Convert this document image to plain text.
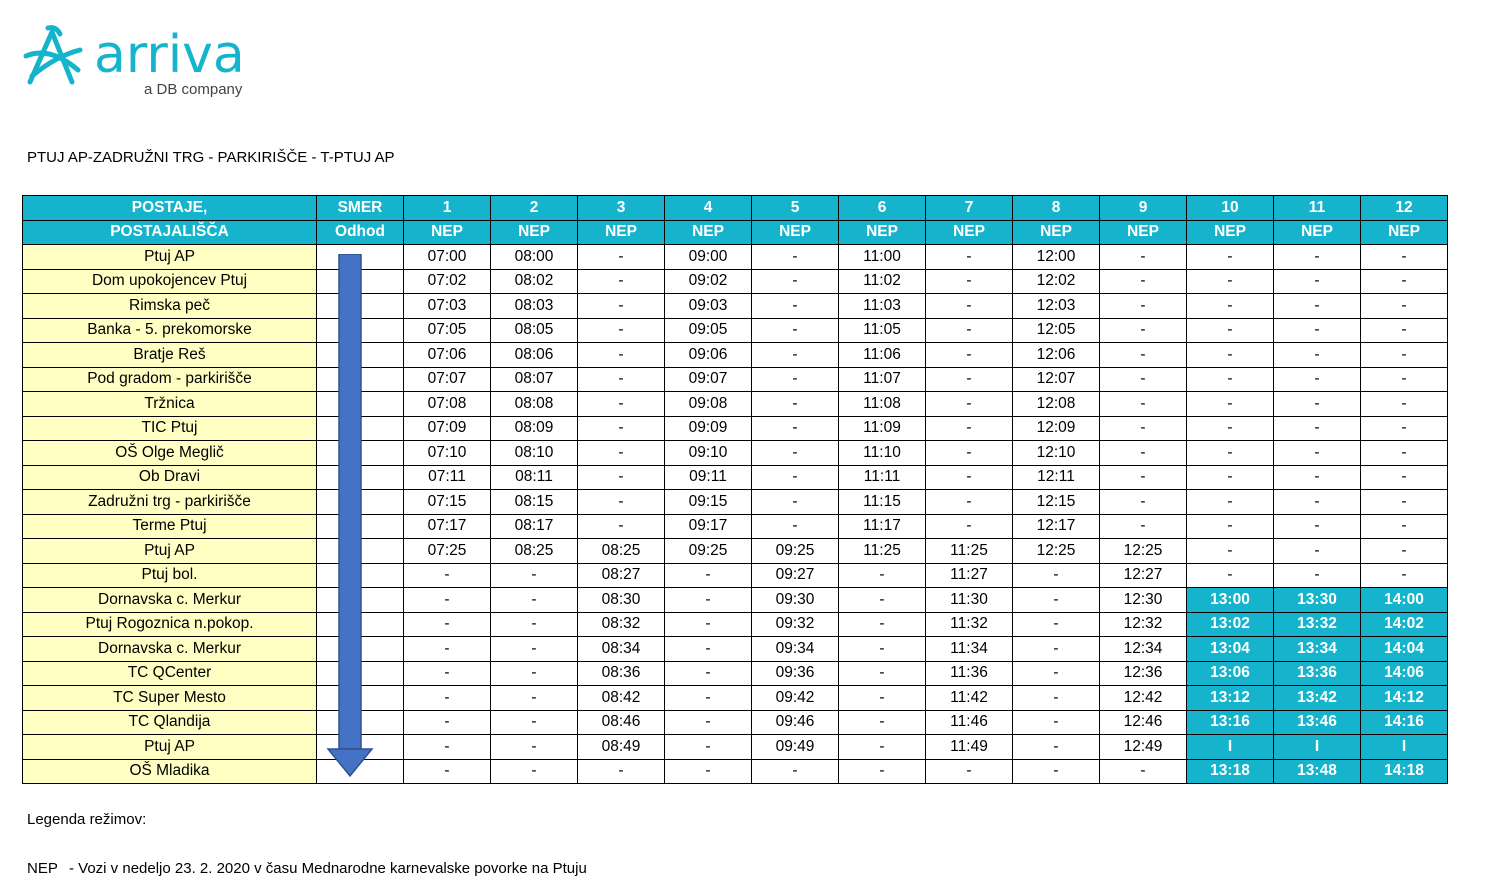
arriva
a DB company
PTUJ AP-ZADRUŽNI TRG - PARKIRIŠČE - T-PTUJ AP
POSTAJE,	SMER	1	2	3	4	5	6	7	8	9	10	11	12
POSTAJALIŠČA	Odhod	NEP	NEP	NEP	NEP	NEP	NEP	NEP	NEP	NEP	NEP	NEP	NEP
Ptuj AP		07:00	08:00	-	09:00	-	11:00	-	12:00	-	-	-	-
Dom upokojencev Ptuj		07:02	08:02	-	09:02	-	11:02	-	12:02	-	-	-	-
Rimska peč		07:03	08:03	-	09:03	-	11:03	-	12:03	-	-	-	-
Banka - 5. prekomorske		07:05	08:05	-	09:05	-	11:05	-	12:05	-	-	-	-
Bratje Reš		07:06	08:06	-	09:06	-	11:06	-	12:06	-	-	-	-
Pod gradom - parkirišče		07:07	08:07	-	09:07	-	11:07	-	12:07	-	-	-	-
Tržnica		07:08	08:08	-	09:08	-	11:08	-	12:08	-	-	-	-
TIC Ptuj		07:09	08:09	-	09:09	-	11:09	-	12:09	-	-	-	-
OŠ Olge Meglič		07:10	08:10	-	09:10	-	11:10	-	12:10	-	-	-	-
Ob Dravi		07:11	08:11	-	09:11	-	11:11	-	12:11	-	-	-	-
Zadružni trg - parkirišče		07:15	08:15	-	09:15	-	11:15	-	12:15	-	-	-	-
Terme Ptuj		07:17	08:17	-	09:17	-	11:17	-	12:17	-	-	-	-
Ptuj AP		07:25	08:25	08:25	09:25	09:25	11:25	11:25	12:25	12:25	-	-	-
Ptuj bol.		-	-	08:27	-	09:27	-	11:27	-	12:27	-	-	-
Dornavska c. Merkur		-	-	08:30	-	09:30	-	11:30	-	12:30	13:00	13:30	14:00
Ptuj Rogoznica n.pokop.		-	-	08:32	-	09:32	-	11:32	-	12:32	13:02	13:32	14:02
Dornavska c. Merkur		-	-	08:34	-	09:34	-	11:34	-	12:34	13:04	13:34	14:04
TC QCenter		-	-	08:36	-	09:36	-	11:36	-	12:36	13:06	13:36	14:06
TC Super Mesto		-	-	08:42	-	09:42	-	11:42	-	12:42	13:12	13:42	14:12
TC Qlandija		-	-	08:46	-	09:46	-	11:46	-	12:46	13:16	13:46	14:16
Ptuj AP		-	-	08:49	-	09:49	-	11:49	-	12:49	I	I	I
OŠ Mladika		-	-	-	-	-	-	-	-	-	13:18	13:48	14:18
Legenda režimov:
NEP - Vozi v nedeljo 23. 2. 2020 v času Mednarodne karnevalske povorke na Ptuju
